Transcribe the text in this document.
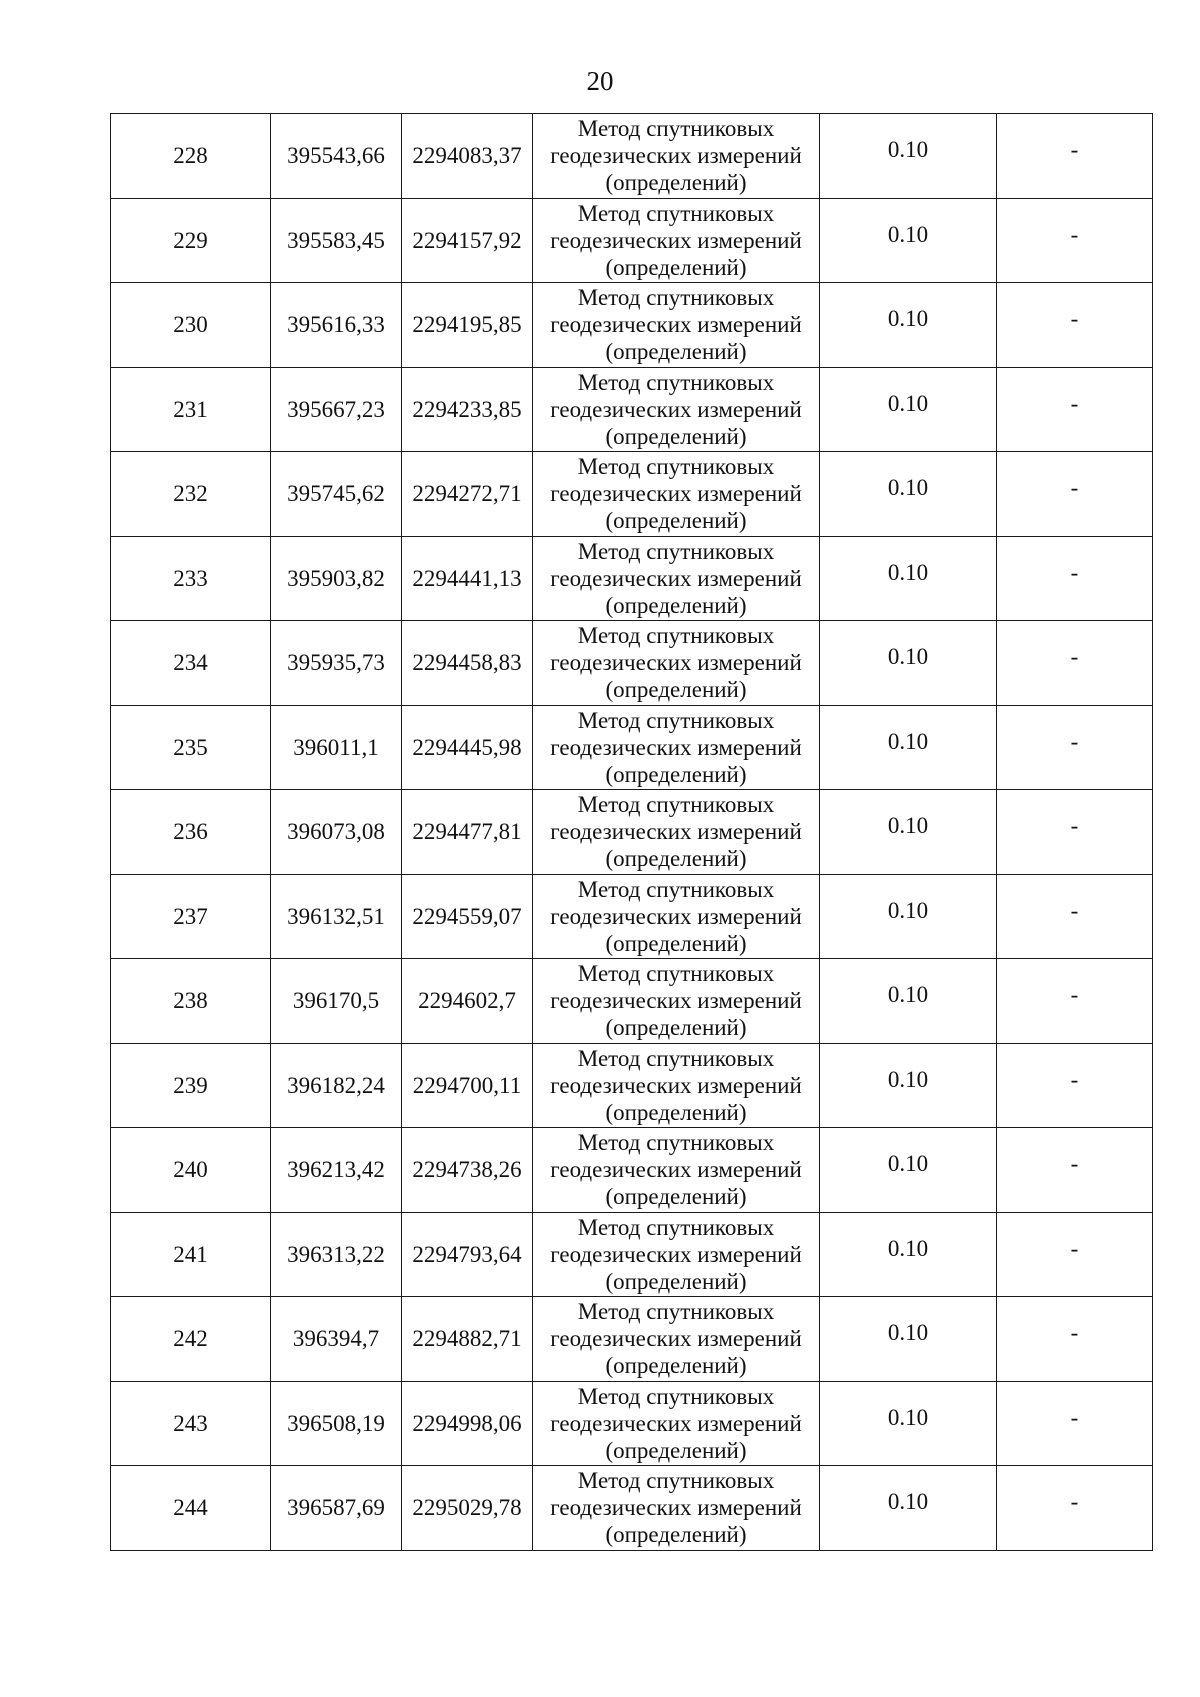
20
228	395543,66	2294083,37	Метод спутниковых
геодезических измерений
(определений)	0.10	-
229	395583,45	2294157,92	Метод спутниковых
геодезических измерений
(определений)	0.10	-
230	395616,33	2294195,85	Метод спутниковых
геодезических измерений
(определений)	0.10	-
231	395667,23	2294233,85	Метод спутниковых
геодезических измерений
(определений)	0.10	-
232	395745,62	2294272,71	Метод спутниковых
геодезических измерений
(определений)	0.10	-
233	395903,82	2294441,13	Метод спутниковых
геодезических измерений
(определений)	0.10	-
234	395935,73	2294458,83	Метод спутниковых
геодезических измерений
(определений)	0.10	-
235	396011,1	2294445,98	Метод спутниковых
геодезических измерений
(определений)	0.10	-
236	396073,08	2294477,81	Метод спутниковых
геодезических измерений
(определений)	0.10	-
237	396132,51	2294559,07	Метод спутниковых
геодезических измерений
(определений)	0.10	-
238	396170,5	2294602,7	Метод спутниковых
геодезических измерений
(определений)	0.10	-
239	396182,24	2294700,11	Метод спутниковых
геодезических измерений
(определений)	0.10	-
240	396213,42	2294738,26	Метод спутниковых
геодезических измерений
(определений)	0.10	-
241	396313,22	2294793,64	Метод спутниковых
геодезических измерений
(определений)	0.10	-
242	396394,7	2294882,71	Метод спутниковых
геодезических измерений
(определений)	0.10	-
243	396508,19	2294998,06	Метод спутниковых
геодезических измерений
(определений)	0.10	-
244	396587,69	2295029,78	Метод спутниковых
геодезических измерений
(определений)	0.10	-
